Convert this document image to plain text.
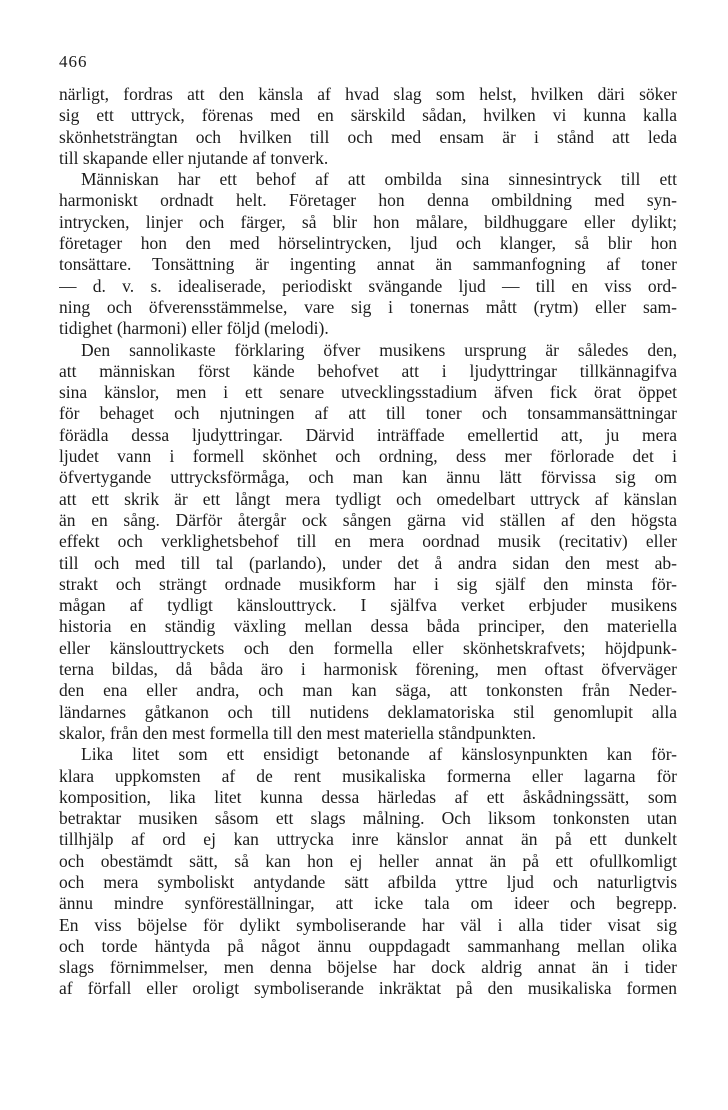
466
närligt, fordras att den känsla af hvad slag som helst, hvilken däri söker
sig ett uttryck, förenas med en särskild sådan, hvilken vi kunna kalla
skönhetsträngtan och hvilken till och med ensam är i stånd att leda
till skapande eller njutande af tonverk.
Människan har ett behof af att ombilda sina sinnesintryck till ett
harmoniskt ordnadt helt. Företager hon denna ombildning med syn-
intrycken, linjer och färger, så blir hon målare, bildhuggare eller dylikt;
företager hon den med hörselintrycken, ljud och klanger, så blir hon
tonsättare. Tonsättning är ingenting annat än sammanfogning af toner
— d. v. s. idealiserade, periodiskt svängande ljud — till en viss ord-
ning och öfverensstämmelse, vare sig i tonernas mått (rytm) eller sam-
tidighet (harmoni) eller följd (melodi).
Den sannolikaste förklaring öfver musikens ursprung är således den,
att människan först kände behofvet att i ljudyttringar tillkännagifva
sina känslor, men i ett senare utvecklingsstadium äfven fick örat öppet
för behaget och njutningen af att till toner och tonsammansättningar
förädla dessa ljudyttringar. Därvid inträffade emellertid att, ju mera
ljudet vann i formell skönhet och ordning, dess mer förlorade det i
öfvertygande uttrycksförmåga, och man kan ännu lätt förvissa sig om
att ett skrik är ett långt mera tydligt och omedelbart uttryck af känslan
än en sång. Därför återgår ock sången gärna vid ställen af den högsta
effekt och verklighetsbehof till en mera oordnad musik (recitativ) eller
till och med till tal (parlando), under det å andra sidan den mest ab-
strakt och strängt ordnade musikform har i sig själf den minsta för-
mågan af tydligt känslouttryck. I själfva verket erbjuder musikens
historia en ständig växling mellan dessa båda principer, den materiella
eller känslouttryckets och den formella eller skönhetskrafvets; höjdpunk-
terna bildas, då båda äro i harmonisk förening, men oftast öfverväger
den ena eller andra, och man kan säga, att tonkonsten från Neder-
ländarnes gåtkanon och till nutidens deklamatoriska stil genomlupit alla
skalor, från den mest formella till den mest materiella ståndpunkten.
Lika litet som ett ensidigt betonande af känslosynpunkten kan för-
klara uppkomsten af de rent musikaliska formerna eller lagarna för
komposition, lika litet kunna dessa härledas af ett åskådningssätt, som
betraktar musiken såsom ett slags målning. Och liksom tonkonsten utan
tillhjälp af ord ej kan uttrycka inre känslor annat än på ett dunkelt
och obestämdt sätt, så kan hon ej heller annat än på ett ofullkomligt
och mera symboliskt antydande sätt afbilda yttre ljud och naturligtvis
ännu mindre synföreställningar, att icke tala om ideer och begrepp.
En viss böjelse för dylikt symboliserande har väl i alla tider visat sig
och torde häntyda på något ännu ouppdagadt sammanhang mellan olika
slags förnimmelser, men denna böjelse har dock aldrig annat än i tider
af förfall eller oroligt symboliserande inkräktat på den musikaliska formen
